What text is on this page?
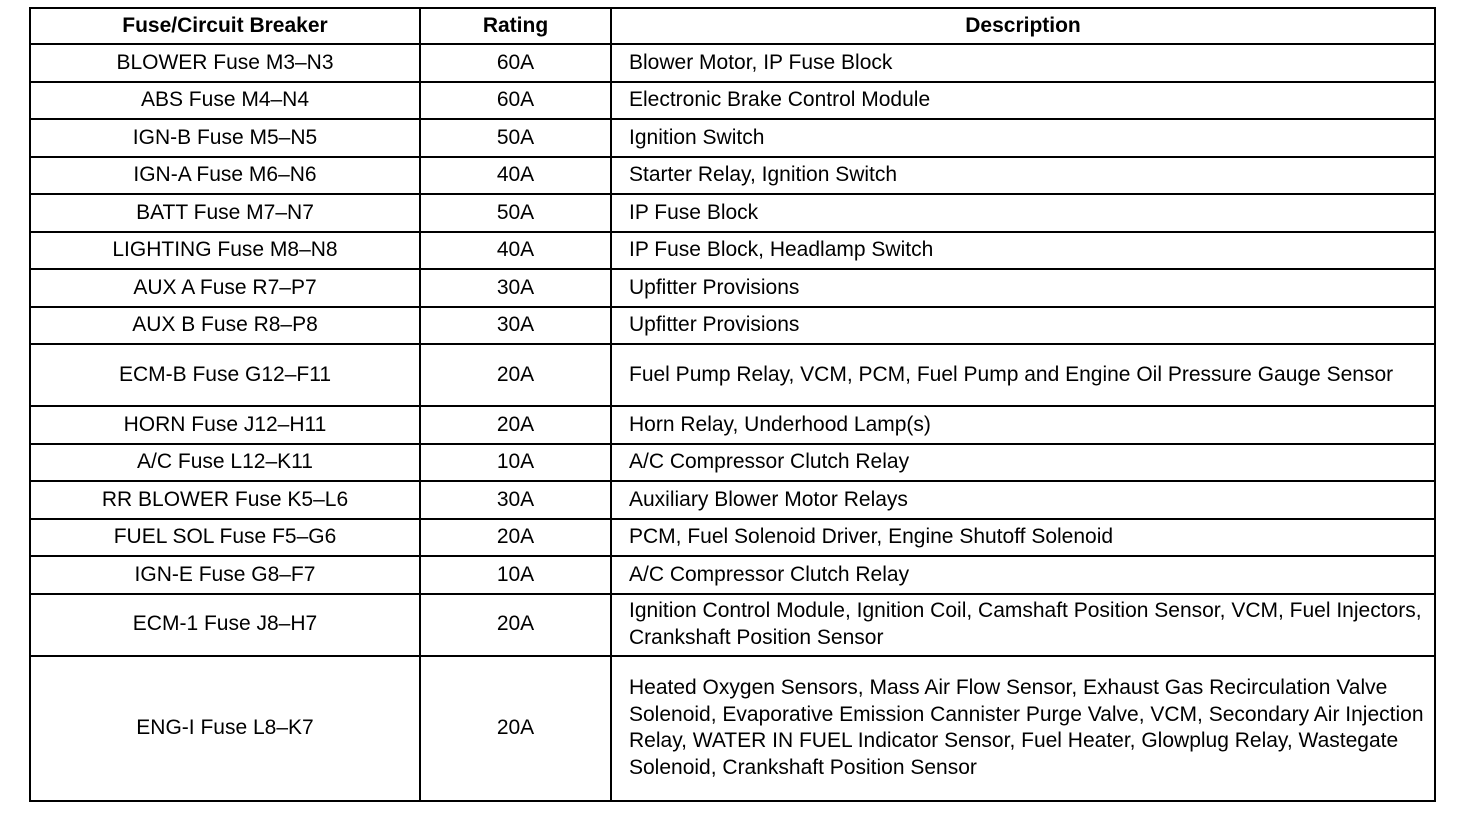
Fuse/Circuit Breaker	Rating	Description
BLOWER Fuse M3–N3	60A	Blower Motor, IP Fuse Block
ABS Fuse M4–N4	60A	Electronic Brake Control Module
IGN-B Fuse M5–N5	50A	Ignition Switch
IGN-A Fuse M6–N6	40A	Starter Relay, Ignition Switch
BATT Fuse M7–N7	50A	IP Fuse Block
LIGHTING Fuse M8–N8	40A	IP Fuse Block, Headlamp Switch
AUX A Fuse R7–P7	30A	Upfitter Provisions
AUX B Fuse R8–P8	30A	Upfitter Provisions
ECM-B Fuse G12–F11	20A	Fuel Pump Relay, VCM, PCM, Fuel Pump and Engine Oil Pressure Gauge Sensor
HORN Fuse J12–H11	20A	Horn Relay, Underhood Lamp(s)
A/C Fuse L12–K11	10A	A/C Compressor Clutch Relay
RR BLOWER Fuse K5–L6	30A	Auxiliary Blower Motor Relays
FUEL SOL Fuse F5–G6	20A	PCM, Fuel Solenoid Driver, Engine Shutoff Solenoid
IGN-E Fuse G8–F7	10A	A/C Compressor Clutch Relay
ECM-1 Fuse J8–H7	20A	Ignition Control Module, Ignition Coil, Camshaft Position Sensor, VCM, Fuel Injectors, Crankshaft Position Sensor
ENG-I Fuse L8–K7	20A	Heated Oxygen Sensors, Mass Air Flow Sensor, Exhaust Gas Recirculation Valve Solenoid, Evaporative Emission Cannister Purge Valve, VCM, Secondary Air Injection Relay, WATER IN FUEL Indicator Sensor, Fuel Heater, Glowplug Relay, Wastegate Solenoid, Crankshaft Position Sensor
